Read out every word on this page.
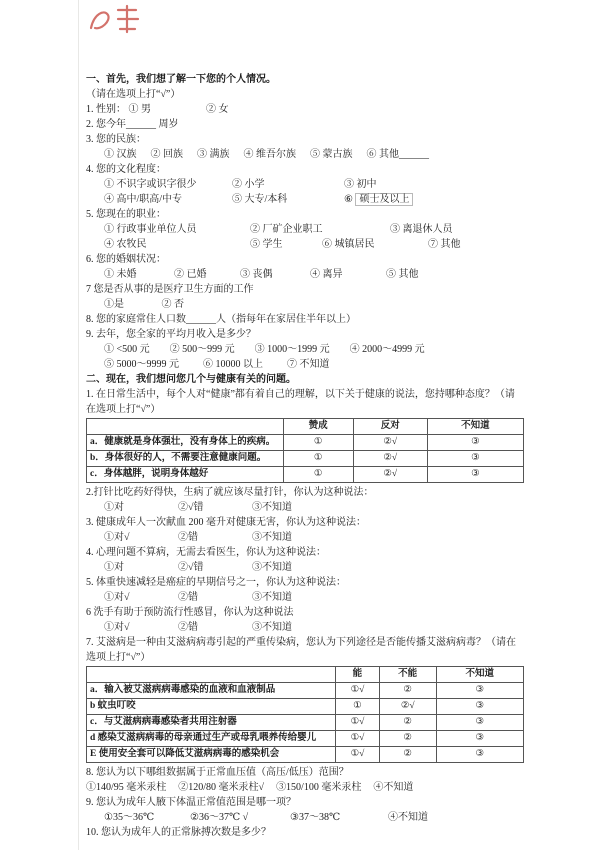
一、首先，我们想了解一下您的个人情况。
（请在选项上打“√”）
1. 性别： ① 男	② 女
2. 您今年______ 周岁
3. 您的民族：
① 汉族 ② 回族 ③ 满族 ④ 维吾尔族 ⑤ 蒙古族 ⑥ 其他______
4. 您的文化程度：
① 不识字或识字很少	② 小学	③ 初中
④ 高中/职高/中专	⑤ 大专/本科	⑥ 硕士及以上
5. 您现在的职业：
① 行政事业单位人员	② 厂矿企业职工	③ 离退休人员
④ 农牧民	⑤ 学生	⑥ 城镇居民	⑦ 其他
6. 您的婚姻状况：
① 未婚	② 已婚	③ 丧偶	④ 离异	⑤ 其他
7 您是否从事的是医疗卫生方面的工作
①是	② 否
8. 您的家庭常住人口数______人（指每年在家居住半年以上）
9. 去年，您全家的平均月收入是多少？
① <500 元 ② 500～999 元 ③ 1000～1999 元 ④ 2000～4999 元
⑤ 5000～9999 元 ⑥ 10000 以上 ⑦ 不知道
二、现在，我们想问您几个与健康有关的问题。
1. 在日常生活中，每个人对“健康”都有着自己的理解，以下关于健康的说法，您持哪种态度？（请在选项上打“√”）
	赞成	反对	不知道
a．健康就是身体强壮，没有身体上的疾病。	①	②√	③
b．身体很好的人，不需要注意健康问题。	①	②√	③
c．身体越胖，说明身体越好	①	②√	③
2.打针比吃药好得快，生病了就应该尽量打针，你认为这种说法：
①对	②√错	③不知道
3. 健康成年人一次献血 200 毫升对健康无害，你认为这种说法：
①对√	②错	③不知道
4. 心理问题不算病，无需去看医生，你认为这种说法：
①对	②√错	③不知道
5. 体重快速减轻是癌症的早期信号之一，你认为这种说法：
①对√	②错	③不知道
6 洗手有助于预防流行性感冒，你认为这种说法
①对√	②错	③不知道
7. 艾滋病是一种由艾滋病病毒引起的严重传染病，您认为下列途径是否能传播艾滋病病毒？（请在选项上打“√”）
	能	不能	不知道
a．输入被艾滋病病毒感染的血液和血液制品	①√	②	③
b 蚊虫叮咬	①	②√	③
c．与艾滋病病毒感染者共用注射器	①√	②	③
d 感染艾滋病病毒的母亲通过生产或母乳喂养传给婴儿	①√	②	③
E 使用安全套可以降低艾滋病病毒的感染机会	①√	②	③
8. 您认为以下哪组数据属于正常血压值（高压/低压）范围？
①140/95 毫米汞柱 ②120/80 毫米汞柱√ ③150/100 毫米汞柱 ④不知道
9. 您认为成年人腋下体温正常值范围是哪一项？
①35～36℃	②36～37℃ √	③37～38℃	④不知道
10. 您认为成年人的正常脉搏次数是多少？
